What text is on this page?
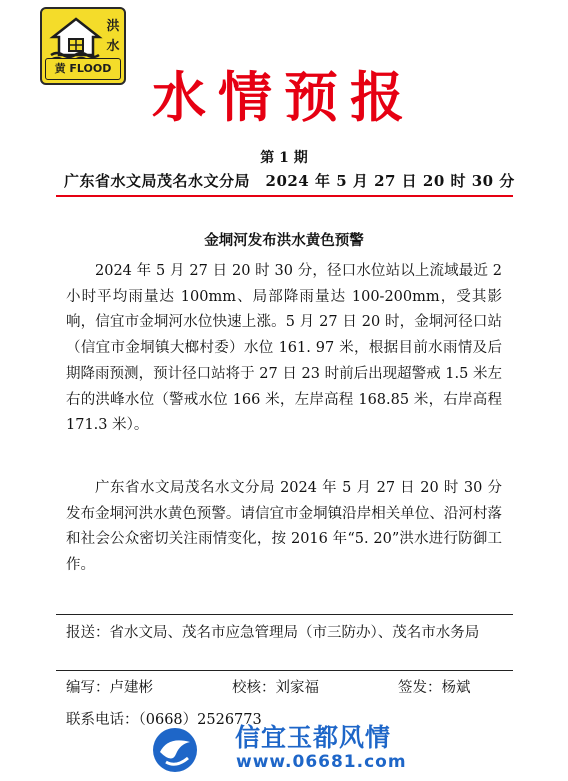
洪
水
黄 FLOOD 水情预报
第 1 期
广东省水文局茂名水文分局　2024 年 5 月 27 日 20 时 30 分
金垌河发布洪水黄色预警
2024 年 5 月 27 日 20 时 30 分，径口水位站以上流域最近 2 小时平均雨量达 100mm、局部降雨量达 100-200mm，受其影响，信宜市金垌河水位快速上涨。5 月 27 日 20 时，金垌河径口站（信宜市金垌镇大榔村委）水位 161. 97 米，根据目前水雨情及后期降雨预测，预计径口站将于 27 日 23 时前后出现超警戒 1.5 米左右的洪峰水位（警戒水位 166 米，左岸高程 168.85 米，右岸高程 171.3 米）。
广东省水文局茂名水文分局 2024 年 5 月 27 日 20 时 30 分发布金垌河洪水黄色预警。请信宜市金垌镇沿岸相关单位、沿河村落和社会公众密切关注雨情变化，按 2016 年“5. 20”洪水进行防御工作。
报送：省水文局、茂名市应急管理局（市三防办）、茂名市水务局
编写：卢建彬	校核：刘家福	签发：杨斌
联系电话：（0668）2526773
信宜玉都风情
www.06681.com
